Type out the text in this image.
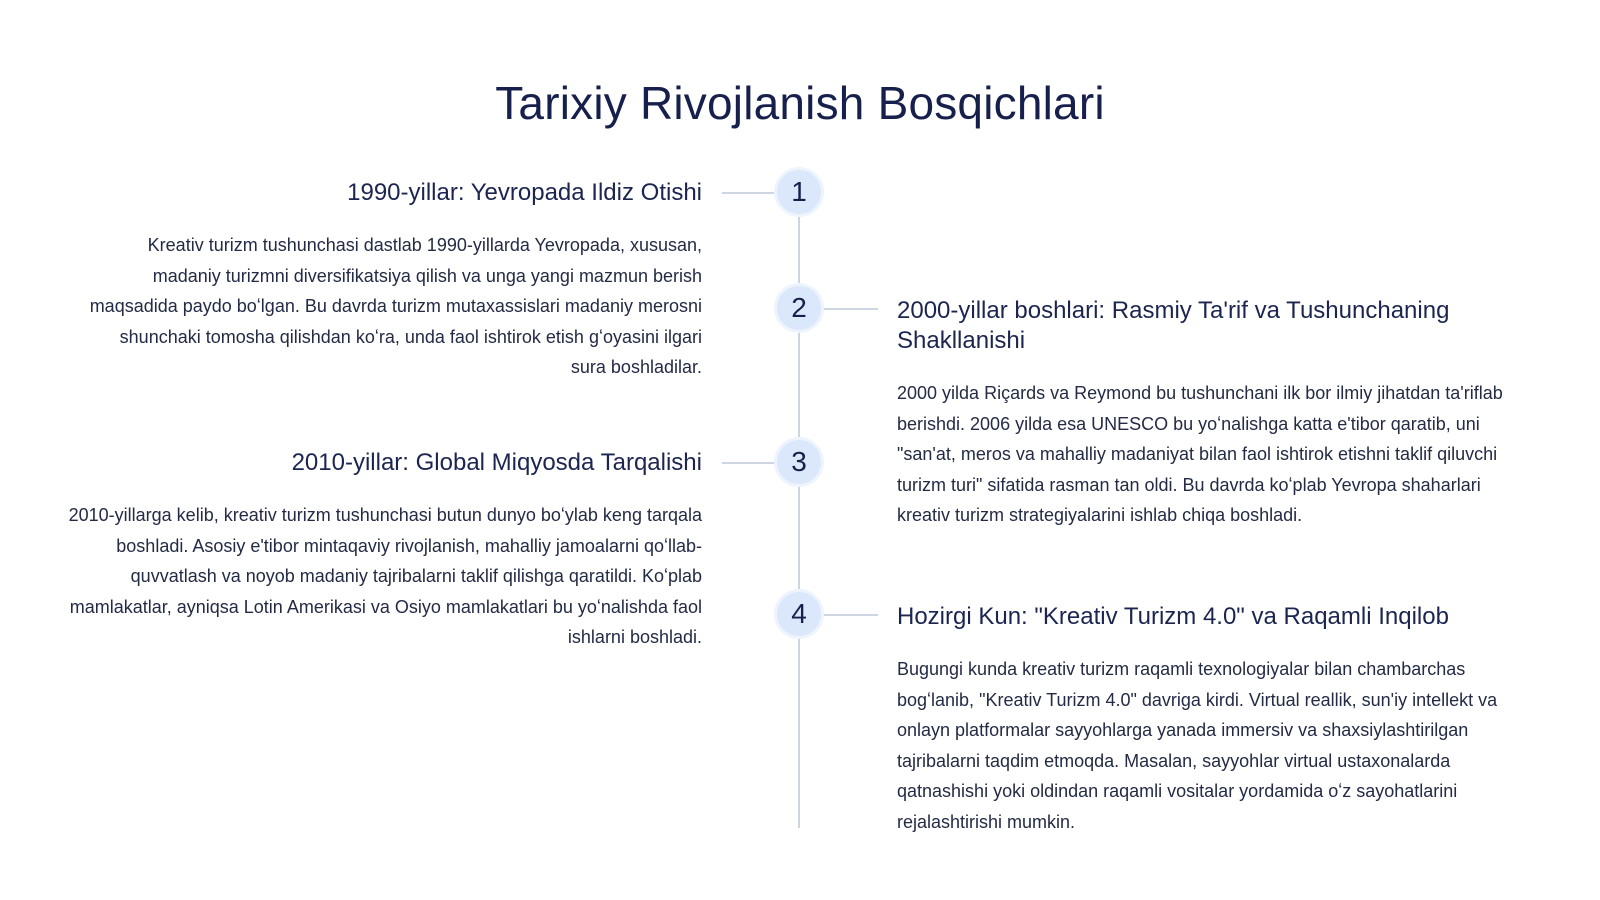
Tarixiy Rivojlanish Bosqichlari
1
1990-yillar: Yevropada Ildiz Otishi

Kreativ turizm tushunchasi dastlab 1990-yillarda Yevropada, xususan, madaniy turizmni diversifikatsiya qilish va unga yangi mazmun berish maqsadida paydo boʻlgan. Bu davrda turizm mutaxassislari madaniy merosni shunchaki tomosha qilishdan koʻra, unda faol ishtirok etish gʻoyasini ilgari sura boshladilar.

2	2000-yillar boshlari: Rasmiy Ta'rif va Tushunchaning Shakllanishi

2000 yilda Riçards va Reymond bu tushunchani ilk bor ilmiy jihatdan ta'riflab berishdi. 2006 yilda esa UNESCO bu yoʻnalishga katta e'tibor qaratib, uni "san'at, meros va mahalliy madaniyat bilan faol ishtirok etishni taklif qiluvchi turizm turi" sifatida rasman tan oldi. Bu davrda koʻplab Yevropa shaharlari kreativ turizm strategiyalarini ishlab chiqa boshladi.

3
2010-yillar: Global Miqyosda Tarqalishi

2010-yillarga kelib, kreativ turizm tushunchasi butun dunyo boʻylab keng tarqala boshladi. Asosiy e'tibor mintaqaviy rivojlanish, mahalliy jamoalarni qoʻllab-quvvatlash va noyob madaniy tajribalarni taklif qilishga qaratildi. Koʻplab mamlakatlar, ayniqsa Lotin Amerikasi va Osiyo mamlakatlari bu yoʻnalishda faol ishlarni boshladi.

4	Hozirgi Kun: "Kreativ Turizm 4.0" va Raqamli Inqilob

Bugungi kunda kreativ turizm raqamli texnologiyalar bilan chambarchas bogʻlanib, "Kreativ Turizm 4.0" davriga kirdi. Virtual reallik, sun'iy intellekt va onlayn platformalar sayyohlarga yanada immersiv va shaxsiylashtirilgan tajribalarni taqdim etmoqda. Masalan, sayyohlar virtual ustaxonalarda qatnashishi yoki oldindan raqamli vositalar yordamida oʻz sayohatlarini rejalashtirishi mumkin.
